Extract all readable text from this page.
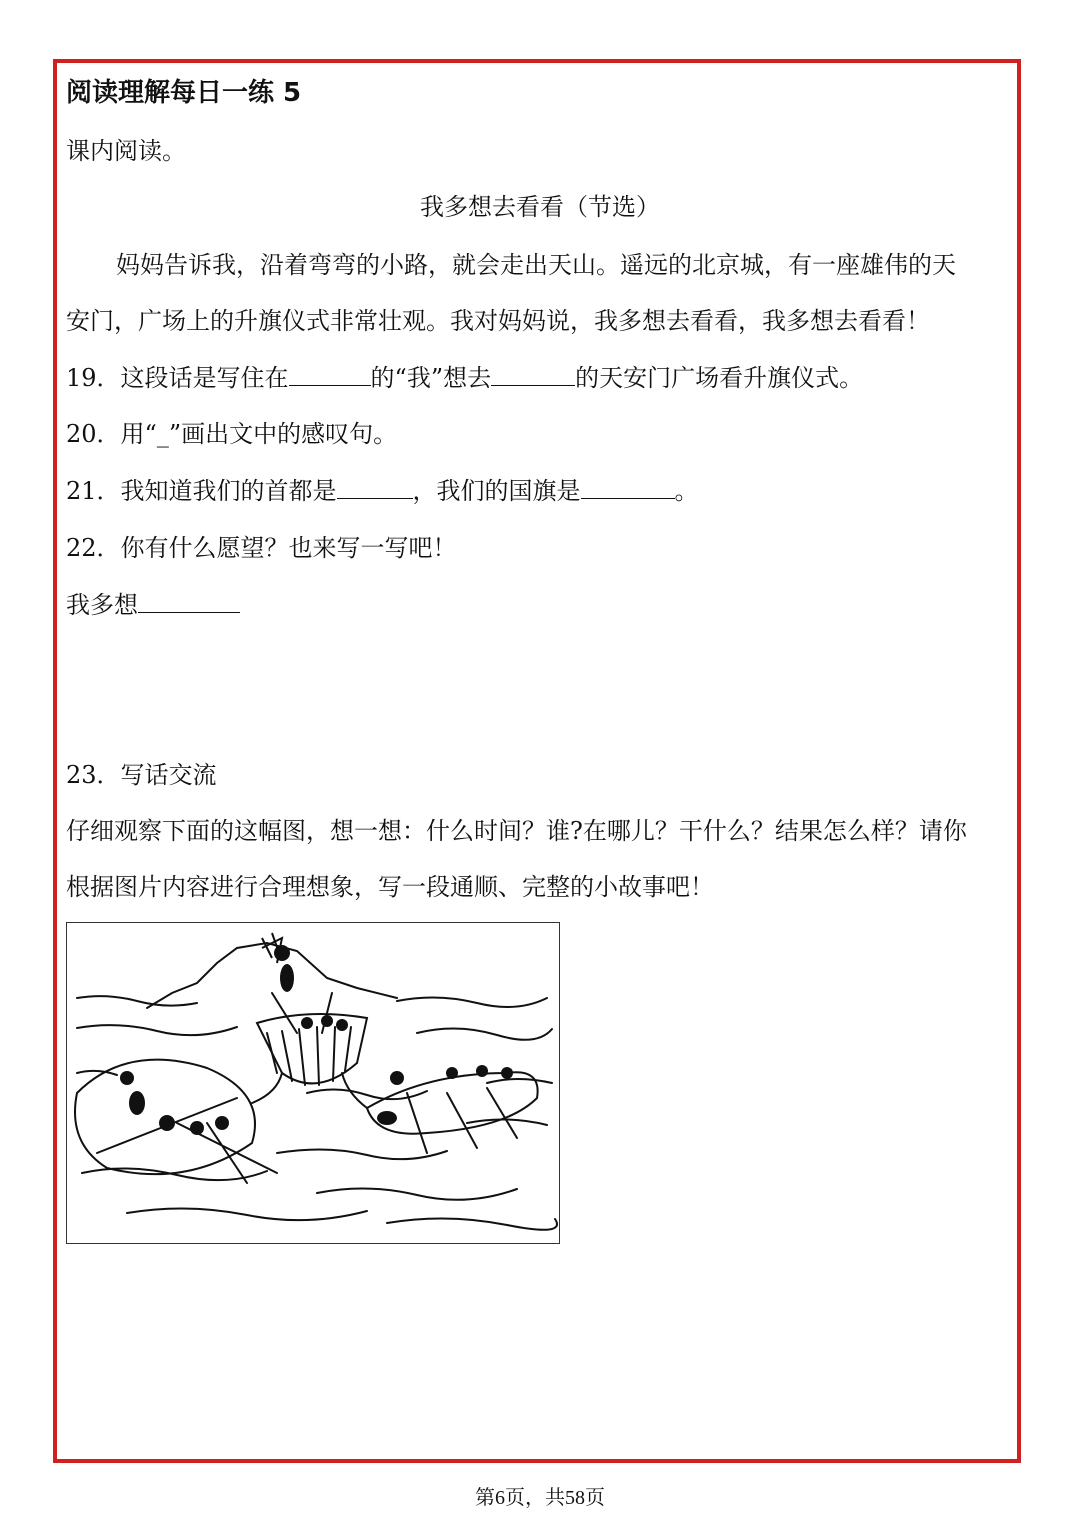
阅读理解每日一练 5
课内阅读。
我多想去看看（节选）
妈妈告诉我，沿着弯弯的小路，就会走出天山。遥远的北京城，有一座雄伟的天
安门，广场上的升旗仪式非常壮观。我对妈妈说，我多想去看看，我多想去看看！
19．这段话是写住在	的“我”想去	的天安门广场看升旗仪式。
20．用“_”画出文中的感叹句。
21．我知道我们的首都是	，我们的国旗是	。
22．你有什么愿望？也来写一写吧！
我多想
23．写话交流
仔细观察下面的这幅图，想一想：什么时间？谁?在哪儿？干什么？结果怎么样？请你
根据图片内容进行合理想象，写一段通顺、完整的小故事吧！
第6页，共58页
